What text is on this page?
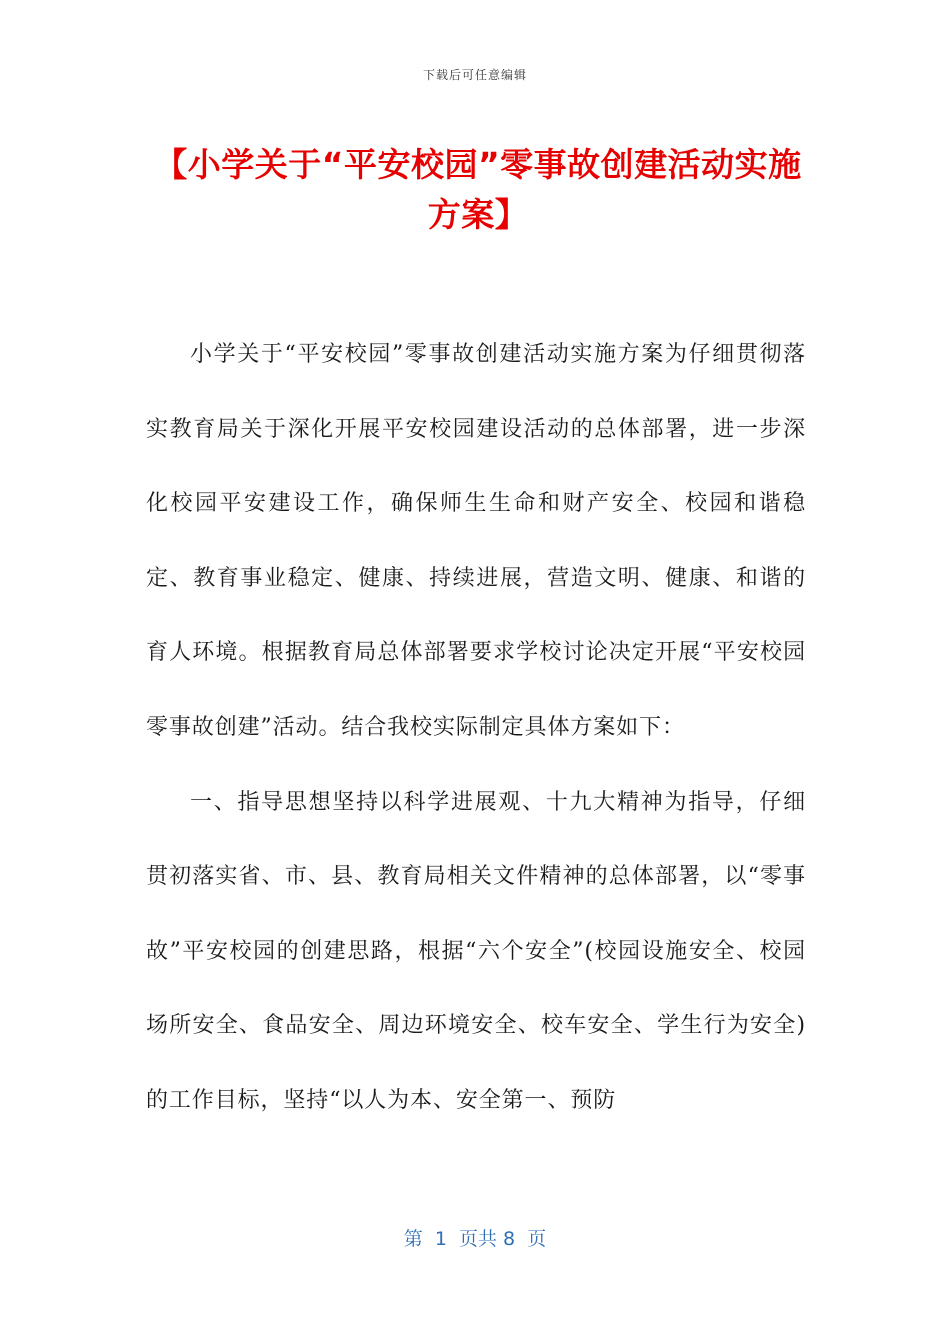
下载后可任意编辑
【小学关于“平安校园”零事故创建活动实施方案】

小学关于“平安校园”零事故创建活动实施方案为仔细贯彻落实教育局关于深化开展平安校园建设活动的总体部署，进一步深化校园平安建设工作，确保师生生命和财产安全、校园和谐稳定、教育事业稳定、健康、持续进展，营造文明、健康、和谐的育人环境。根据教育局总体部署要求学校讨论决定开展“平安校园零事故创建”活动。结合我校实际制定具体方案如下：

一、指导思想坚持以科学进展观、十九大精神为指导，仔细贯初落实省、市、县、教育局相关文件精神的总体部署，以“零事故”平安校园的创建思路，根据“六个安全”(校园设施安全、校园场所安全、食品安全、周边环境安全、校车安全、学生行为安全)的工作目标，坚持“以人为本、安全第一、预防

第  1  页共 8  页
